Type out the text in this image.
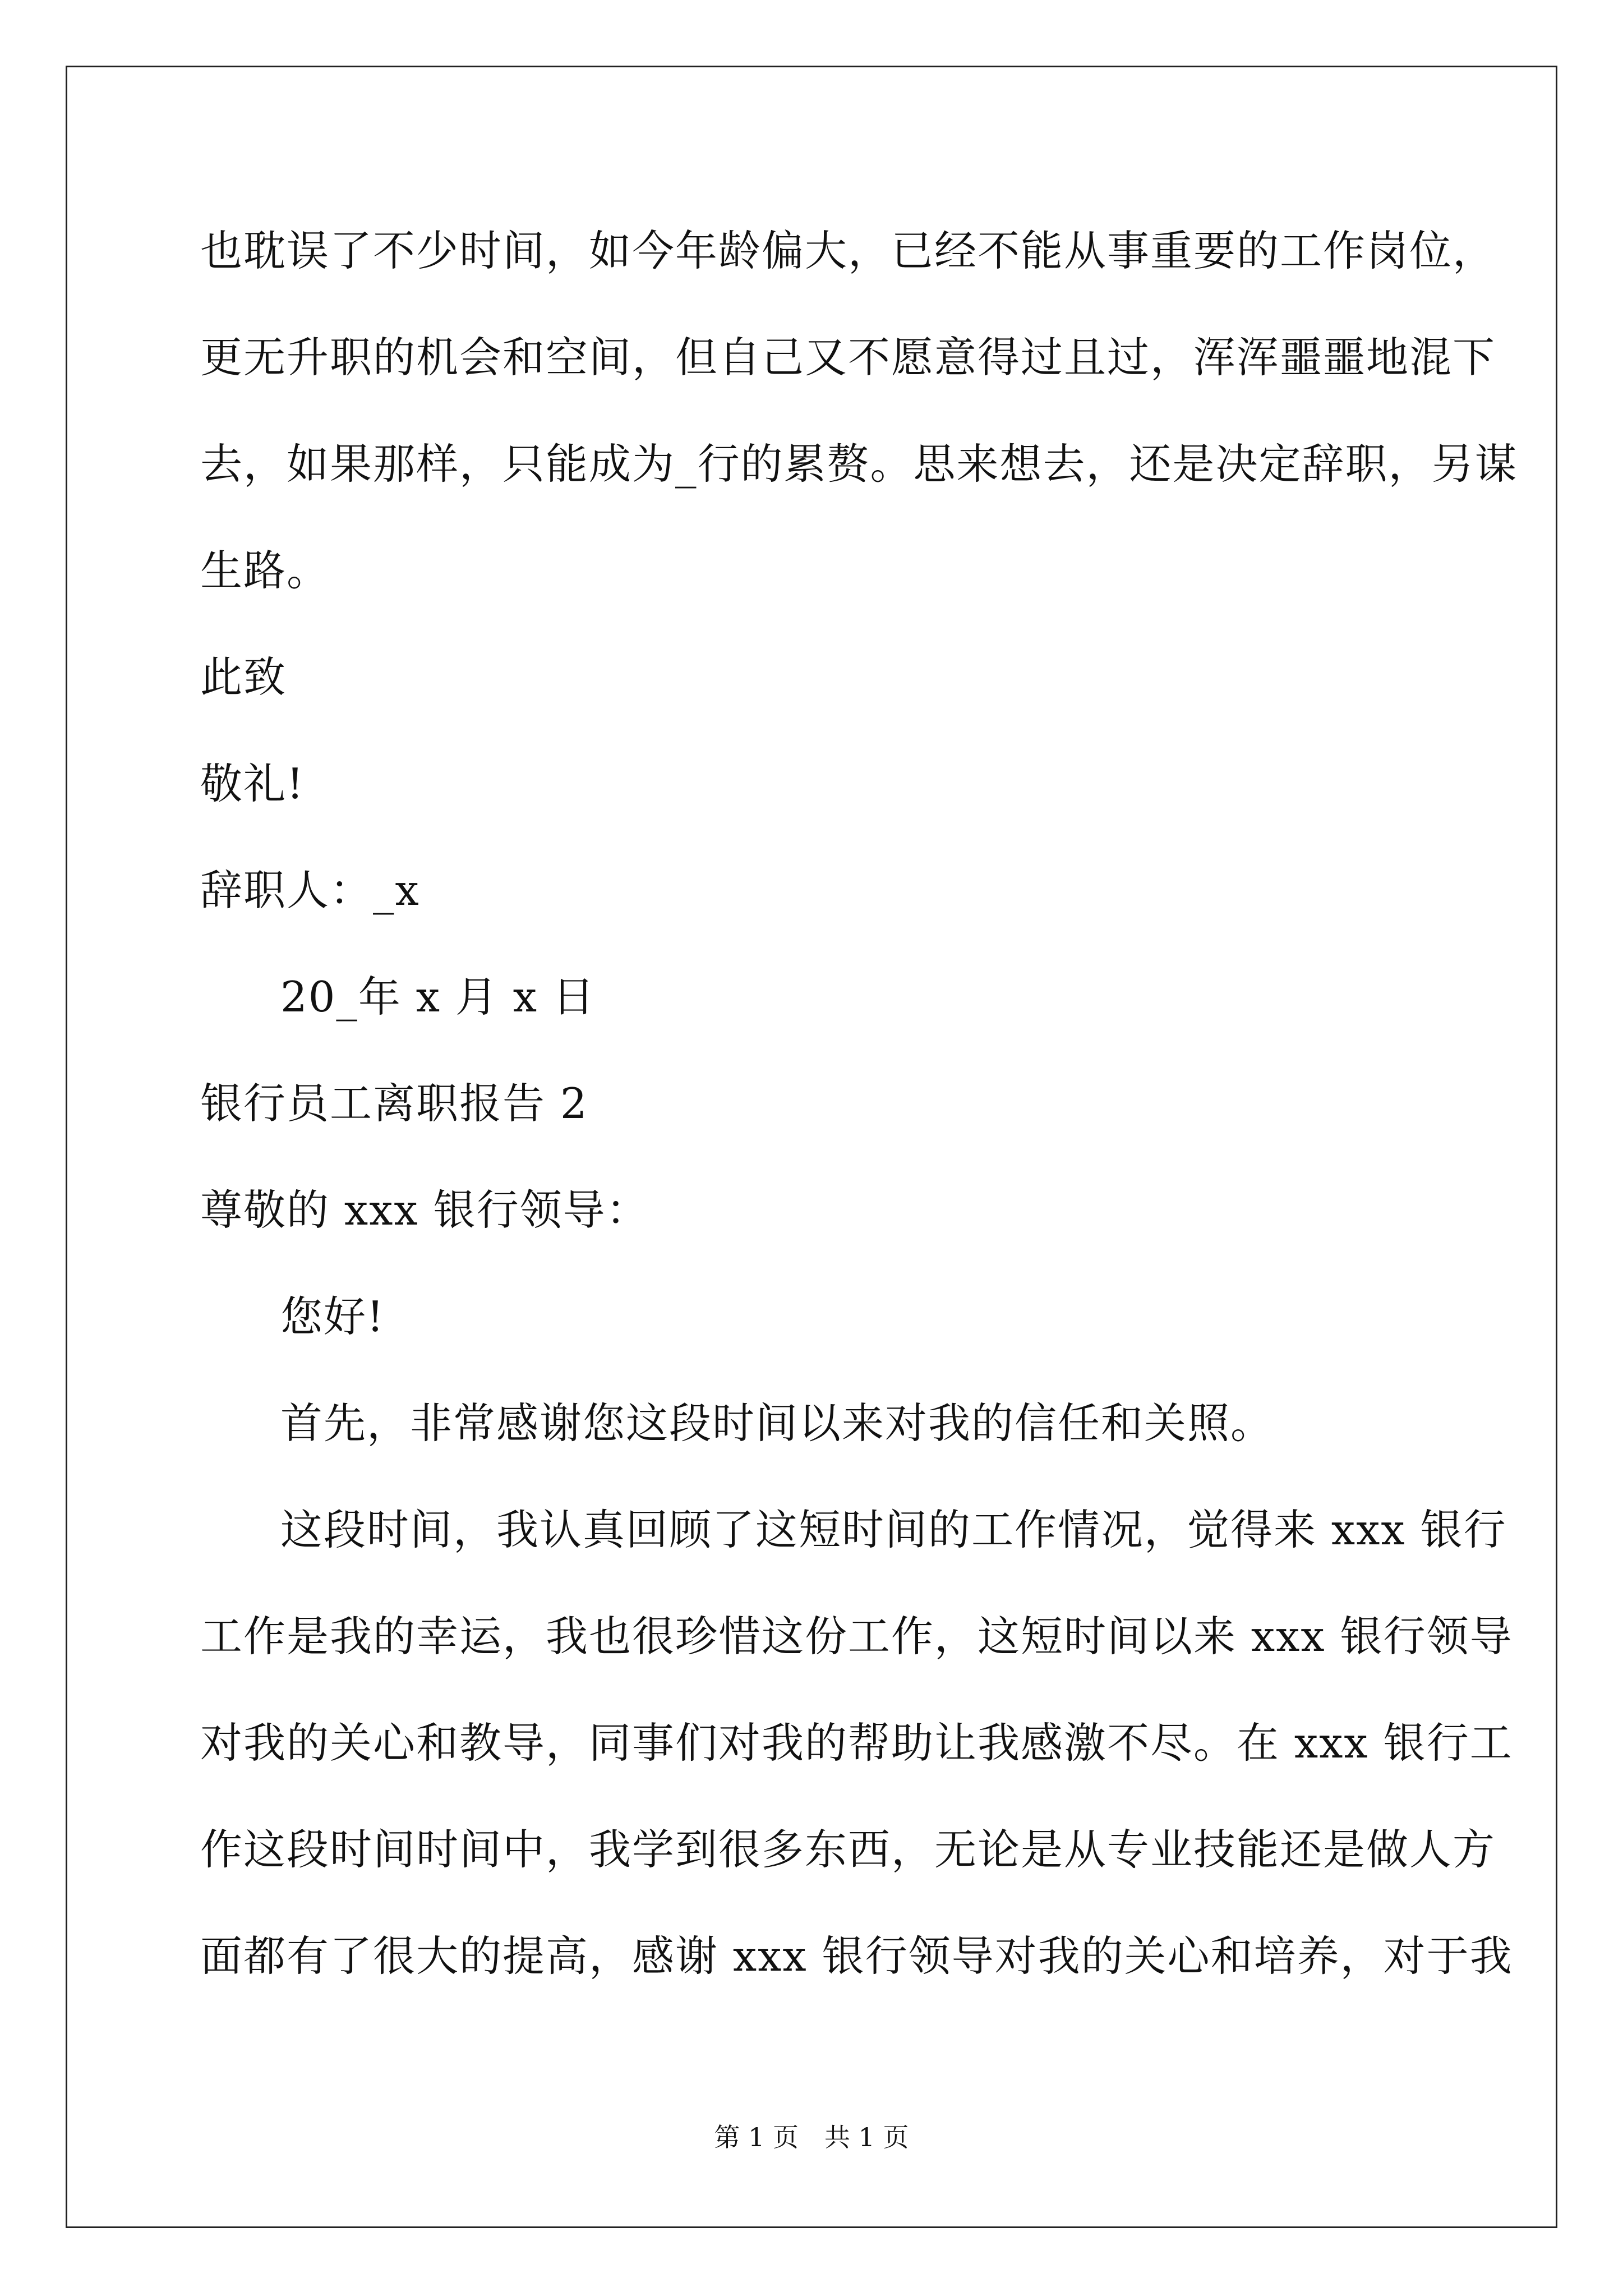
也耽误了不少时间，如今年龄偏大，已经不能从事重要的工作岗位，
更无升职的机会和空间，但自己又不愿意得过且过，浑浑噩噩地混下
去，如果那样，只能成为_行的累赘。思来想去，还是决定辞职，另谋
生路。
此致
敬礼!
辞职人：_x
20_年 x 月 x 日
银行员工离职报告 2
尊敬的 xxx 银行领导：
您好!
首先，非常感谢您这段时间以来对我的信任和关照。
这段时间，我认真回顾了这短时间的工作情况，觉得来 xxx 银行
工作是我的幸运，我也很珍惜这份工作，这短时间以来 xxx 银行领导
对我的关心和教导，同事们对我的帮助让我感激不尽。在 xxx 银行工
作这段时间时间中，我学到很多东西，无论是从专业技能还是做人方
面都有了很大的提高，感谢 xxx 银行领导对我的关心和培养，对于我
第 1 页　共 1 页
